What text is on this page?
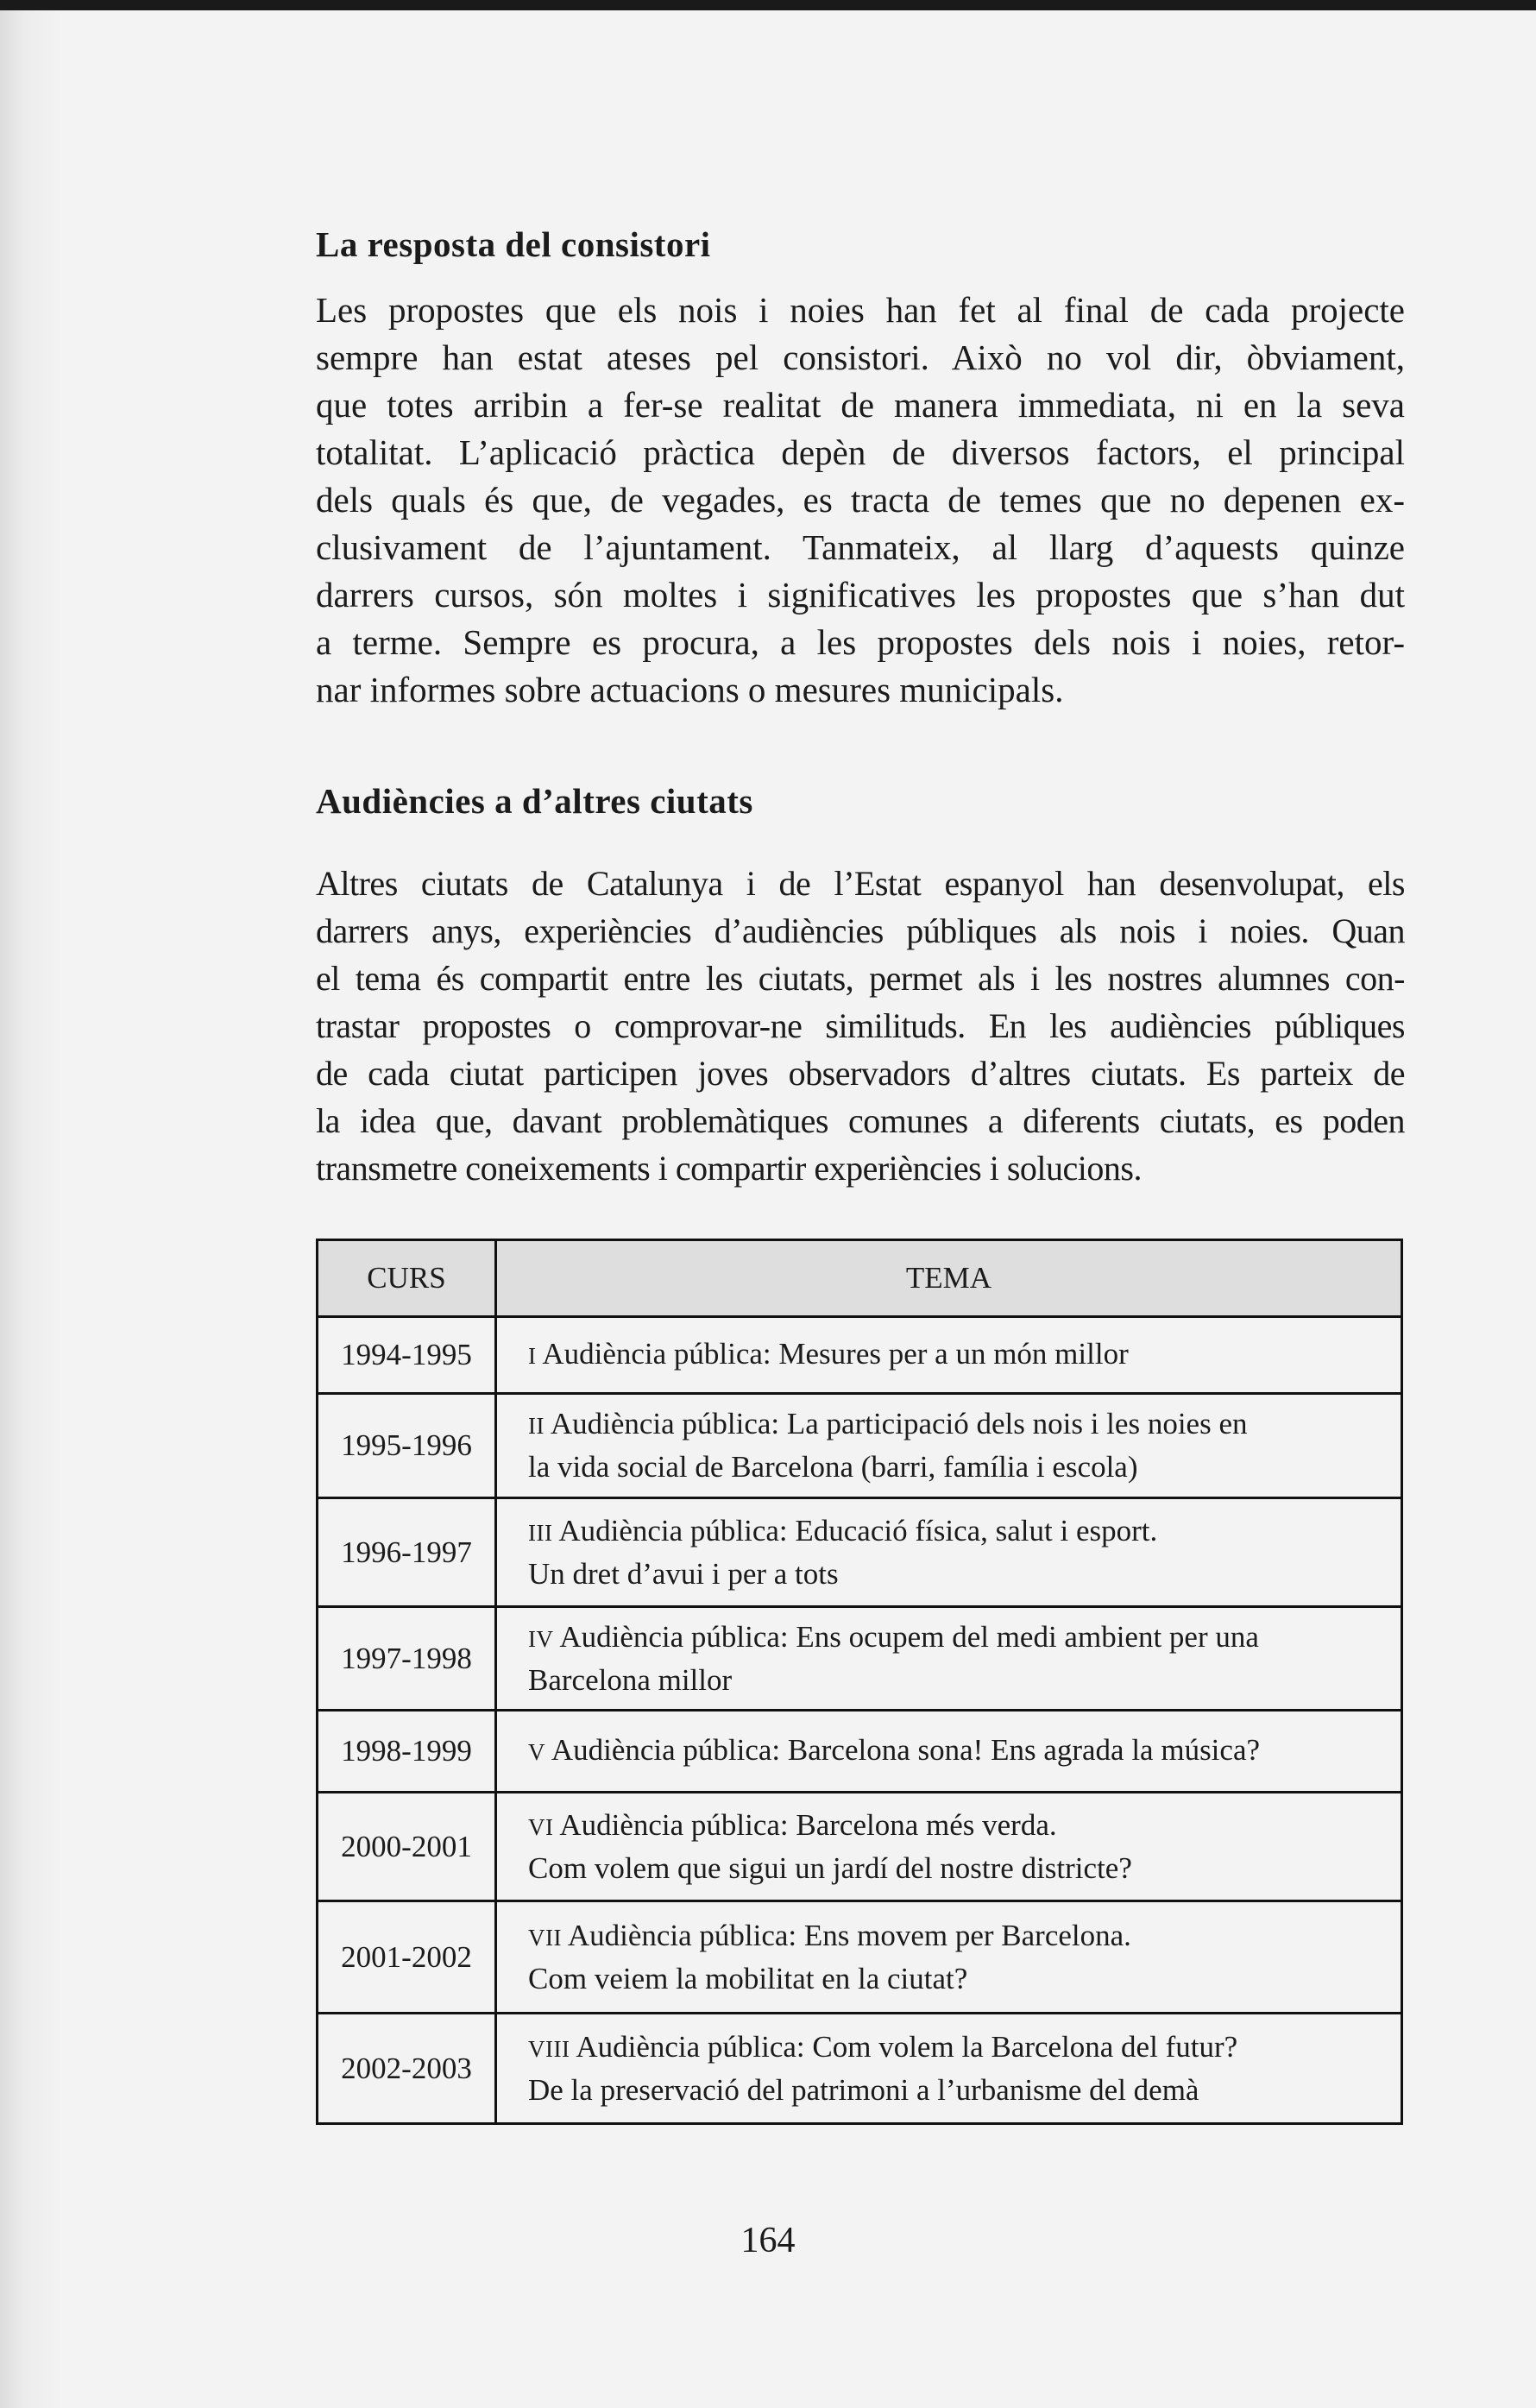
La resposta del consistori
Les propostes que els nois i noies han fet al final de cada projecte
sempre han estat ateses pel consistori. Això no vol dir, òbviament,
que totes arribin a fer-se realitat de manera immediata, ni en la seva
totalitat. L’aplicació pràctica depèn de diversos factors, el principal
dels quals és que, de vegades, es tracta de temes que no depenen ex-
clusivament de l’ajuntament. Tanmateix, al llarg d’aquests quinze
darrers cursos, són moltes i significatives les propostes que s’han dut
a terme. Sempre es procura, a les propostes dels nois i noies, retor-
nar informes sobre actuacions o mesures municipals.
Audiències a d’altres ciutats
Altres ciutats de Catalunya i de l’Estat espanyol han desenvolupat, els
darrers anys, experiències d’audiències públiques als nois i noies. Quan
el tema és compartit entre les ciutats, permet als i les nostres alumnes con-
trastar propostes o comprovar-ne similituds. En les audiències públiques
de cada ciutat participen joves observadors d’altres ciutats. Es parteix de
la idea que, davant problemàtiques comunes a diferents ciutats, es poden
transmetre coneixements i compartir experiències i solucions.
CURS	TEMA
1994-1995	I Audiència pública: Mesures per a un món millor
1995-1996	II Audiència pública: La participació dels nois i les noies en
la vida social de Barcelona (barri, família i escola)
1996-1997	III Audiència pública: Educació física, salut i esport.
Un dret d’avui i per a tots
1997-1998	IV Audiència pública: Ens ocupem del medi ambient per una
Barcelona millor
1998-1999	V Audiència pública: Barcelona sona! Ens agrada la música?
2000-2001	VI Audiència pública: Barcelona més verda.
Com volem que sigui un jardí del nostre districte?
2001-2002	VII Audiència pública: Ens movem per Barcelona.
Com veiem la mobilitat en la ciutat?
2002-2003	VIII Audiència pública: Com volem la Barcelona del futur?
De la preservació del patrimoni a l’urbanisme del demà
164
